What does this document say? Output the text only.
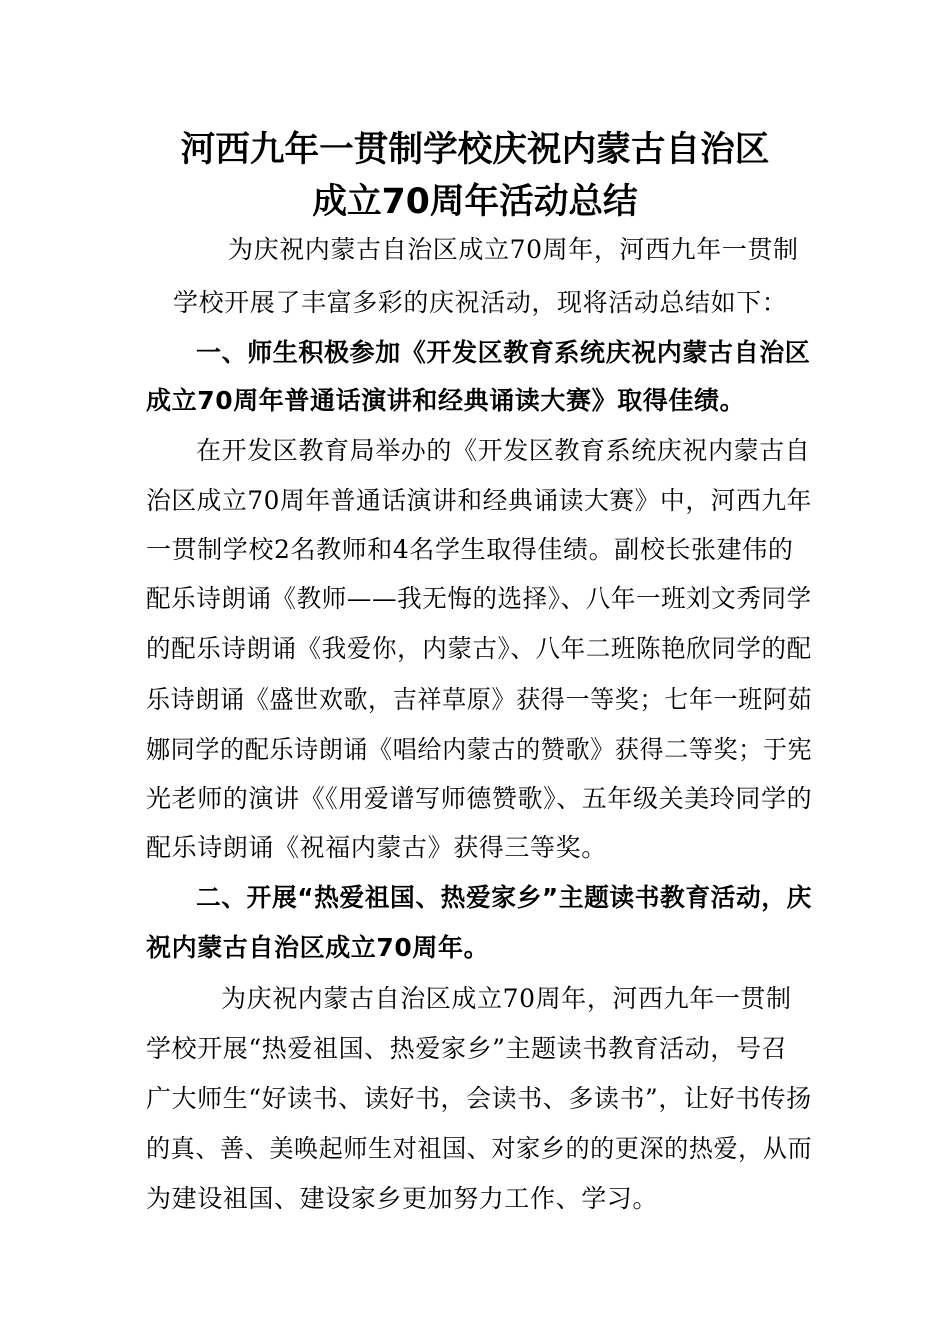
河西九年一贯制学校庆祝内蒙古自治区
成立70周年活动总结
为庆祝内蒙古自治区成立70周年，河西九年一贯制
学校开展了丰富多彩的庆祝活动，现将活动总结如下：
一、师生积极参加《开发区教育系统庆祝内蒙古自治区
成立70周年普通话演讲和经典诵读大赛》取得佳绩。
在开发区教育局举办的《开发区教育系统庆祝内蒙古自
治区成立70周年普通话演讲和经典诵读大赛》中，河西九年
一贯制学校2名教师和4名学生取得佳绩。副校长张建伟的
配乐诗朗诵《教师——我无悔的选择》、八年一班刘文秀同学
的配乐诗朗诵《我爱你，内蒙古》、八年二班陈艳欣同学的配
乐诗朗诵《盛世欢歌，吉祥草原》获得一等奖；七年一班阿茹
娜同学的配乐诗朗诵《唱给内蒙古的赞歌》获得二等奖；于宪
光老师的演讲《《用爱谱写师德赞歌》、五年级关美玲同学的
配乐诗朗诵《祝福内蒙古》获得三等奖。
二、开展“热爱祖国、热爱家乡”主题读书教育活动，庆
祝内蒙古自治区成立70周年。
为庆祝内蒙古自治区成立70周年，河西九年一贯制
学校开展“热爱祖国、热爱家乡”主题读书教育活动，号召
广大师生“好读书、读好书，会读书、多读书”，让好书传扬
的真、善、美唤起师生对祖国、对家乡的的更深的热爱，从而
为建设祖国、建设家乡更加努力工作、学习。
